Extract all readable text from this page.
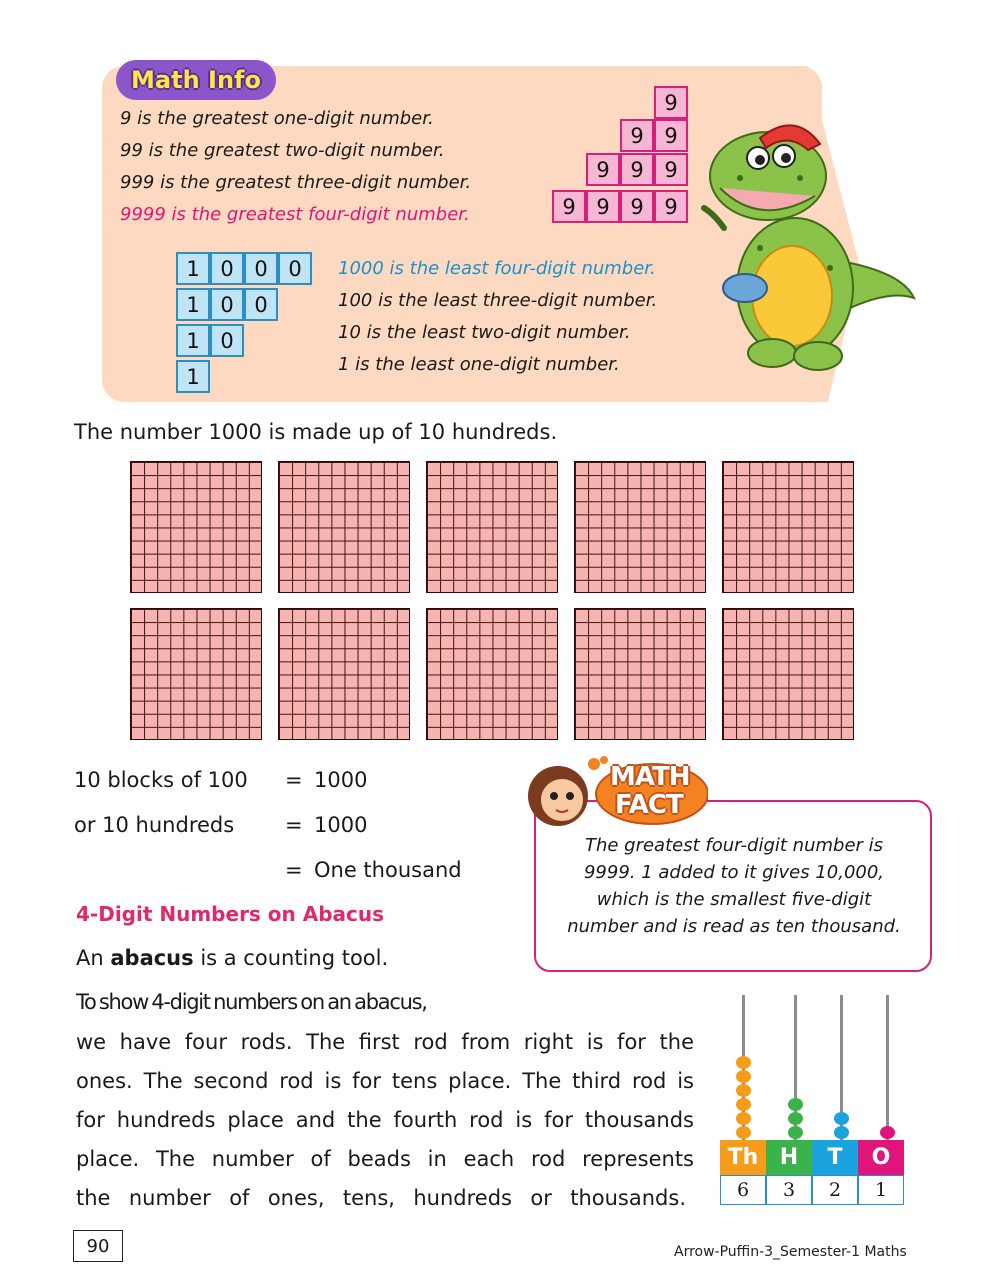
Math Info
9 is the greatest one-digit number.
99 is the greatest two-digit number.
999 is the greatest three-digit number.
9999 is the greatest four-digit number.
9
9 9
9 9 9
9 9 9 9
1 0 0 0
1 0 0
1 0
1
1000 is the least four-digit number.
100 is the least three-digit number.
10 is the least two-digit number.
1 is the least one-digit number.
The number 1000 is made up of 10 hundreds.
10 blocks of 100 = 1000
or 10 hundreds = 1000
= One thousand
MATH
FACT
The greatest four-digit number is
9999. 1 added to it gives 10,000,
which is the smallest five-digit
number and is read as ten thousand.
4-Digit Numbers on Abacus
An abacus is a counting tool.
To show 4-digit numbers on an abacus,
we have four rods. The first rod from right is for the
ones. The second rod is for tens place. The third rod is
for hundreds place and the fourth rod is for thousands
place. The number of beads in each rod represents
the number of ones, tens, hundreds or thousands.
Th H	T	O
6	3	2	1
90	Arrow-Puffin-3_Semester-1 Maths
